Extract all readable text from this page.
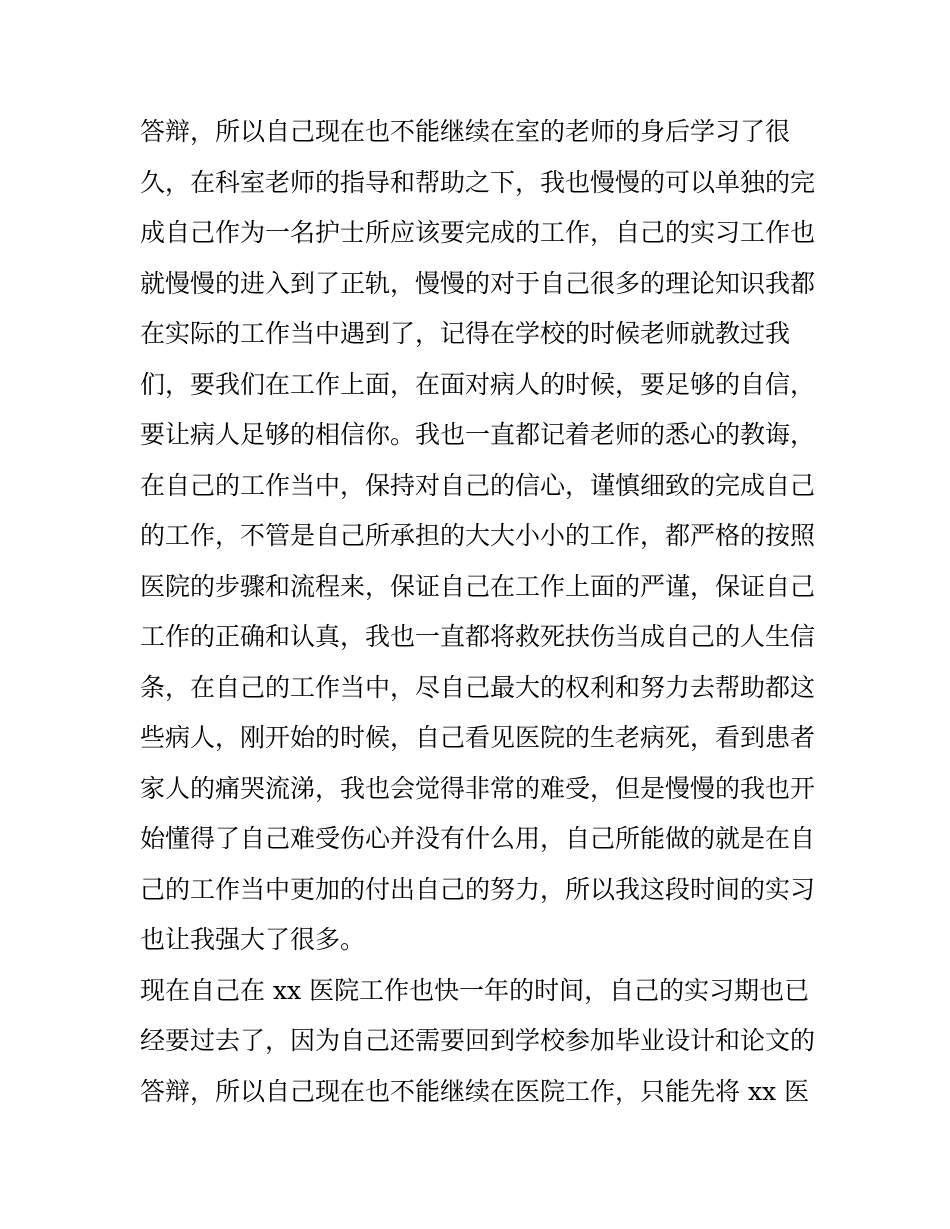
答辩，所以自己现在也不能继续在室的老师的身后学习了很
久，在科室老师的指导和帮助之下，我也慢慢的可以单独的完
成自己作为一名护士所应该要完成的工作，自己的实习工作也
就慢慢的进入到了正轨，慢慢的对于自己很多的理论知识我都
在实际的工作当中遇到了，记得在学校的时候老师就教过我
们，要我们在工作上面，在面对病人的时候，要足够的自信，
要让病人足够的相信你。我也一直都记着老师的悉心的教诲，
在自己的工作当中，保持对自己的信心，谨慎细致的完成自己
的工作，不管是自己所承担的大大小小的工作，都严格的按照
医院的步骤和流程来，保证自己在工作上面的严谨，保证自己
工作的正确和认真，我也一直都将救死扶伤当成自己的人生信
条，在自己的工作当中，尽自己最大的权利和努力去帮助都这
些病人，刚开始的时候，自己看见医院的生老病死，看到患者
家人的痛哭流涕，我也会觉得非常的难受，但是慢慢的我也开
始懂得了自己难受伤心并没有什么用，自己所能做的就是在自
己的工作当中更加的付出自己的努力，所以我这段时间的实习
也让我强大了很多。
现在自己在 xx 医院工作也快一年的时间，自己的实习期也已
经要过去了，因为自己还需要回到学校参加毕业设计和论文的
答辩，所以自己现在也不能继续在医院工作，只能先将 xx 医
